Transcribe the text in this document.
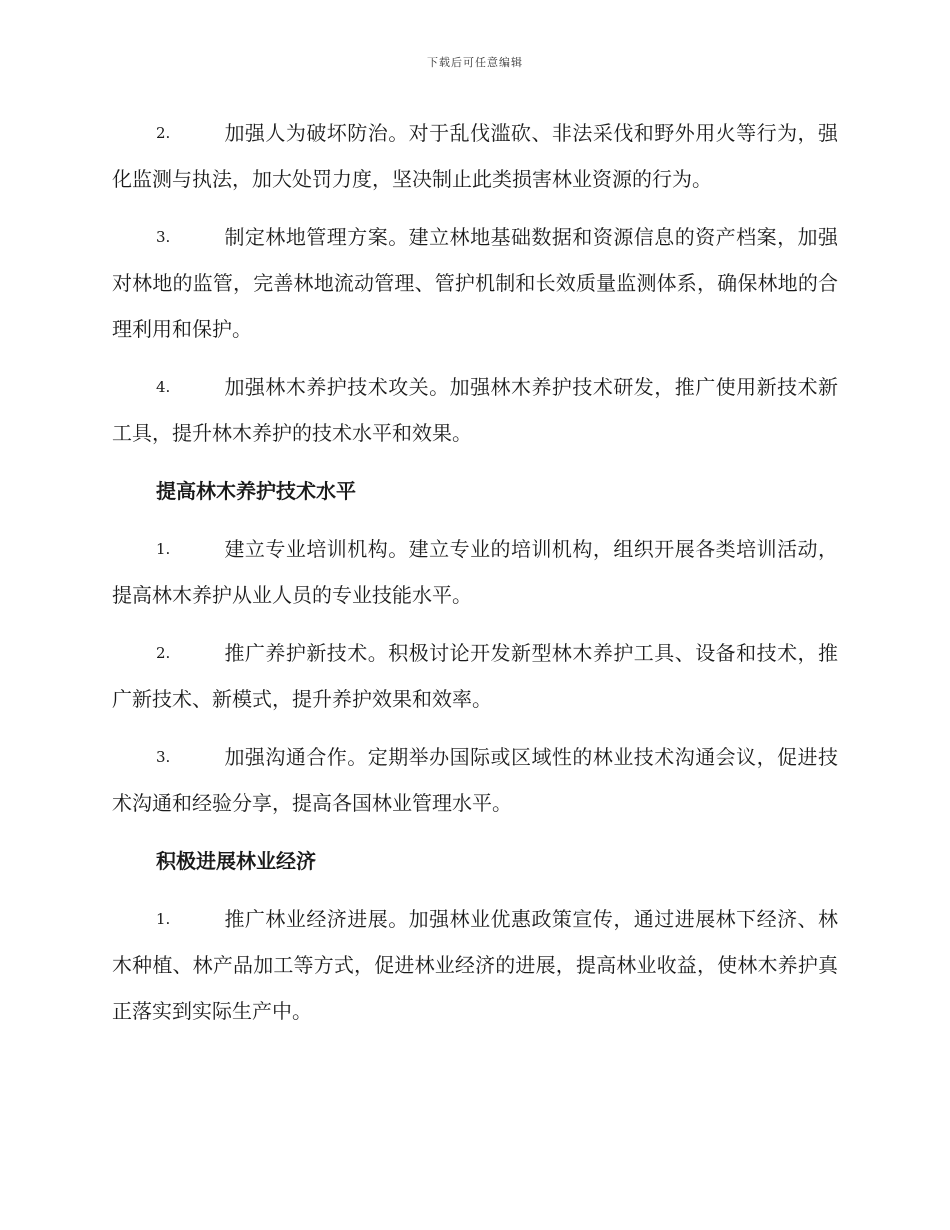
下载后可任意编辑

2.	加强人为破坏防治。对于乱伐滥砍、非法采伐和野外用火等行为，强化监测与执法，加大处罚力度，坚决制止此类损害林业资源的行为。

3.	制定林地管理方案。建立林地基础数据和资源信息的资产档案，加强对林地的监管，完善林地流动管理、管护机制和长效质量监测体系，确保林地的合理利用和保护。

4.	加强林木养护技术攻关。加强林木养护技术研发，推广使用新技术新工具，提升林木养护的技术水平和效果。

提高林木养护技术水平

1.	建立专业培训机构。建立专业的培训机构，组织开展各类培训活动，提高林木养护从业人员的专业技能水平。

2.	推广养护新技术。积极讨论开发新型林木养护工具、设备和技术，推广新技术、新模式，提升养护效果和效率。

3.	加强沟通合作。定期举办国际或区域性的林业技术沟通会议，促进技术沟通和经验分享，提高各国林业管理水平。

积极进展林业经济

1.	推广林业经济进展。加强林业优惠政策宣传，通过进展林下经济、林木种植、林产品加工等方式，促进林业经济的进展，提高林业收益，使林木养护真正落实到实际生产中。
